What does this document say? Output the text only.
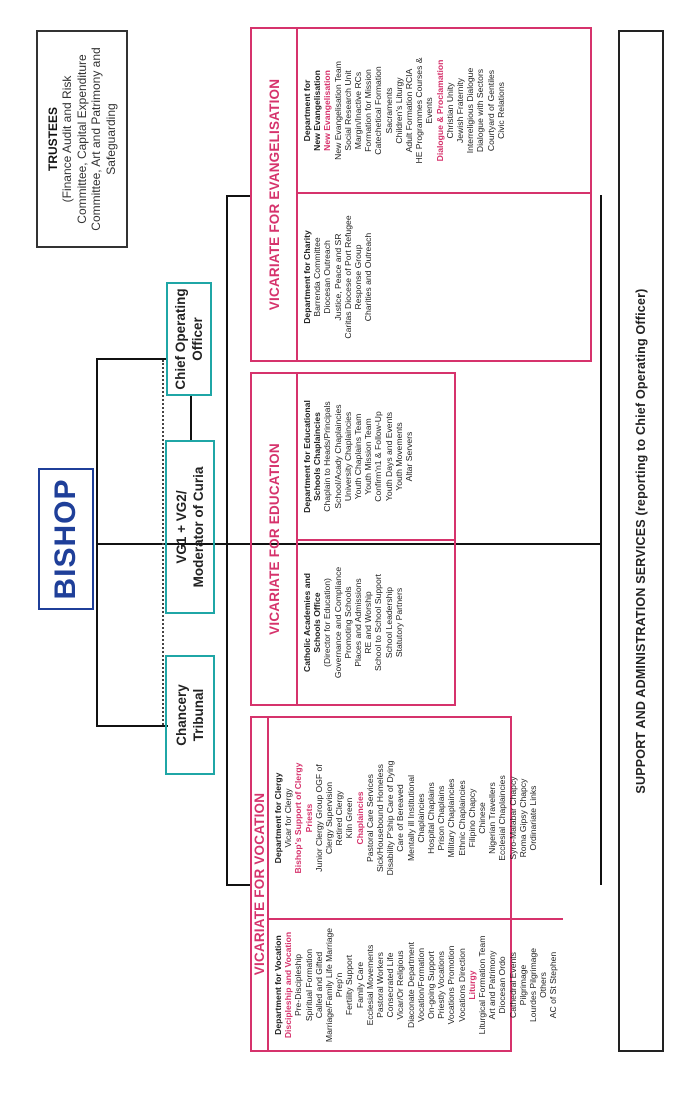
BISHOP
Chancery Tribunal
VG1 + VG2/ Moderator of Curia
Chief Operating Officer
TRUSTEES (Finance Audit and Risk Committee, Capital Expenditure Committee, Art and Patrimony and Safeguarding
SUPPORT AND ADMINISTRATION SERVICES (reporting to Chief Operating Officer)
VICARIATE FOR EVANGELISATION	Department for Charity Barrenda Committee Diocesan Outreach Justice, Peace and SR Caritas Diocese of Port Refugee Response Group Charities and Outreach
Department for New Evangelisation New Evangelisation New Evangelisation Team Social Research Unit Margin/Inactive RCs Formation for Mission Catechetical Formation Sacraments Children's Liturgy Adult Formation RCIA HE Programmes Courses & Events Dialogue & Proclamation Christian Unity Jewish Fraternity Interreligious Dialogue Dialogue with Sectors Courtyard of Gentiles Civic Relations
VICARIATE FOR EDUCATION	Catholic Academies and Schools Office (Director for Education) Governance and Compliance Promoting Schools Places and Admissions RE and Worship School to School Support School Leadership Statutory Partners
Department for Educational Schools Chaplaincies Chaplain to Heads/Principals School/Acady Chaplaincies University Chaplaincies Youth Chaplains Team Youth Mission Team Confirm'n1 & Follow-Up Youth Days and Events Youth Movements Altar Servers
VICARIATE FOR VOCATION
Department for Vocation Discipleship and Vocation Pre-Discipleship Spiritual Formation Called and Gifted Marriage/Family Life Marriage Prep'n Fertility Support Family Care Ecclesial Movements Pastoral Workers Consecrated Life Vicar/Or Religious Diaconate Department Vocation/Formation On-going Support Priestly Vocations Vocations Promotion Vocations Direction Liturgy Liturgical Formation Team Art and Patrimony Diocesan Ordo Cathedral Events Pilgrimage Lourdes Pilgrimage Others AC of St Stephen
Department for Clergy Vicar for Clergy Bishop's Support of Clergy Priests Junior Clergy Group OGF of Clergy Supervision Retired Clergy Kiln Green Chaplaincies Pastoral Care Services Sick/Housebound Homeless Disability P'ship Care of Dying Care of Bereaved Mentally ill Institutional Chaplaincies Hospital Chaplains Prison Chaplains Military Chaplaincies Ethnic Chaplaincies Filipino Chapcy Chinese Nigerian Travellers Ecclesial Chaplaincies Syro-Malabar Chapcy Roma Gipsy Chapcy Ordinariate Links
